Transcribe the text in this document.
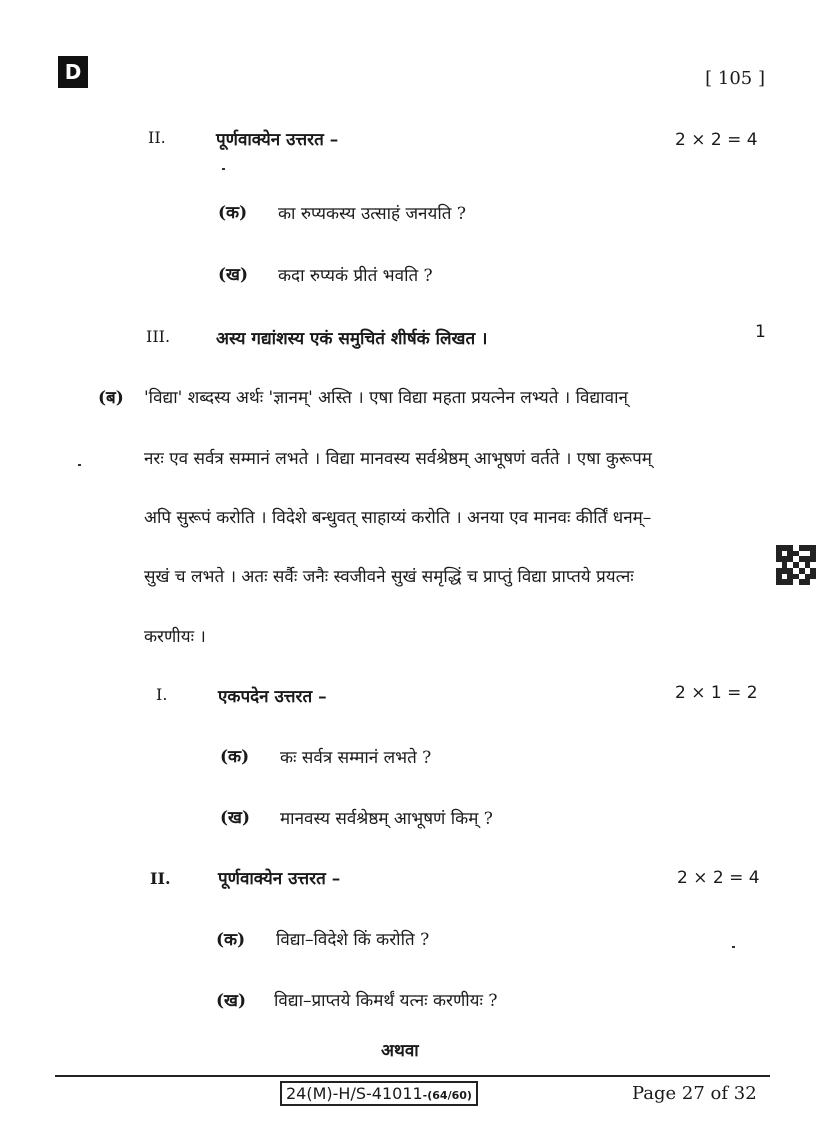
D	[ 105 ]
II.	पूर्णवाक्येन उत्तरत –	2 × 2 = 4
(क) का रुप्यकस्य उत्साहं जनयति ?
(ख) कदा रुप्यकं प्रीतं भवति ?
III.	अस्य गद्यांशस्य एकं समुचितं शीर्षकं लिखत ।	1
(ब) 'विद्या' शब्दस्य अर्थः 'ज्ञानम्' अस्ति । एषा विद्या महता प्रयत्नेन लभ्यते । विद्यावान्
नरः एव सर्वत्र सम्मानं लभते । विद्या मानवस्य सर्वश्रेष्ठम् आभूषणं वर्तते । एषा कुरूपम्
अपि सुरूपं करोति । विदेशे बन्धुवत् साहाय्यं करोति । अनया एव मानवः कीर्तिं धनम्–
सुखं च लभते । अतः सर्वैः जनैः स्वजीवने सुखं समृद्धिं च प्राप्तुं विद्या प्राप्तये प्रयत्नः
करणीयः ।
I.	एकपदेन उत्तरत –	2 × 1 = 2
(क) कः सर्वत्र सम्मानं लभते ?
(ख) मानवस्य सर्वश्रेष्ठम् आभूषणं किम् ?
II.	पूर्णवाक्येन उत्तरत –	2 × 2 = 4
(क) विद्या–विदेशे किं करोति ?
(ख) विद्या–प्राप्तये किमर्थं यत्नः करणीयः ?
अथवा
24(M)-H/S-41011-(64/60)	Page 27 of 32
